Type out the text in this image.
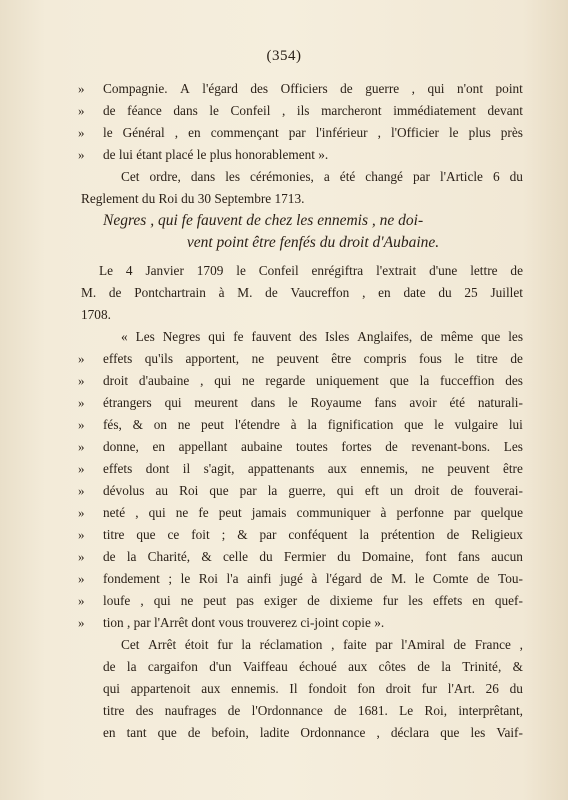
(354)
Negres , qui fe fauvent de chez les ennemis , ne doi-
vent point être fenfés du droit d'Aubaine.
»	Compagnie. A l'égard des Officiers de guerre , qui n'ont point
»	de féance dans le Confeil , ils marcheront immédiatement devant
»	le Général , en commençant par l'inférieur , l'Officier le plus près
»	de lui étant placé le plus honorablement ».
Cet ordre, dans les cérémonies, a été changé par l'Article 6 du
Reglement du Roi du 30 Septembre 1713.
Le 4 Janvier 1709 le Confeil enrégiftra l'extrait d'une lettre de
M. de Pontchartrain à M. de Vaucreffon , en date du 25 Juillet
1708.
« Les Negres qui fe fauvent des Isles Anglaifes, de même que les
»	effets qu'ils apportent, ne peuvent être compris fous le titre de
»	droit d'aubaine , qui ne regarde uniquement que la fucceffion des
»	étrangers qui meurent dans le Royaume fans avoir été naturali-
»	fés, & on ne peut l'étendre à la fignification que le vulgaire lui
»	donne, en appellant aubaine toutes fortes de revenant-bons. Les
»	effets dont il s'agit, appattenants aux ennemis, ne peuvent être
»	dévolus au Roi que par la guerre, qui eft un droit de fouverai-
»	neté , qui ne fe peut jamais communiquer à perfonne par quelque
»	titre que ce foit ; & par conféquent la prétention de Religieux
»	de la Charité, & celle du Fermier du Domaine, font fans aucun
»	fondement ; le Roi l'a ainfi jugé à l'égard de M. le Comte de Tou-
»	loufe , qui ne peut pas exiger de dixieme fur les effets en quef-
»	tion , par l'Arrêt dont vous trouverez ci-joint copie ».
Cet Arrêt étoit fur la réclamation , faite par l'Amiral de France ,
de la cargaifon d'un Vaiffeau échoué aux côtes de la Trinité, &
qui appartenoit aux ennemis. Il fondoit fon droit fur l'Art. 26 du
titre des naufrages de l'Ordonnance de 1681. Le Roi, interprêtant,
en tant que de befoin, ladite Ordonnance , déclara que les Vaif-
